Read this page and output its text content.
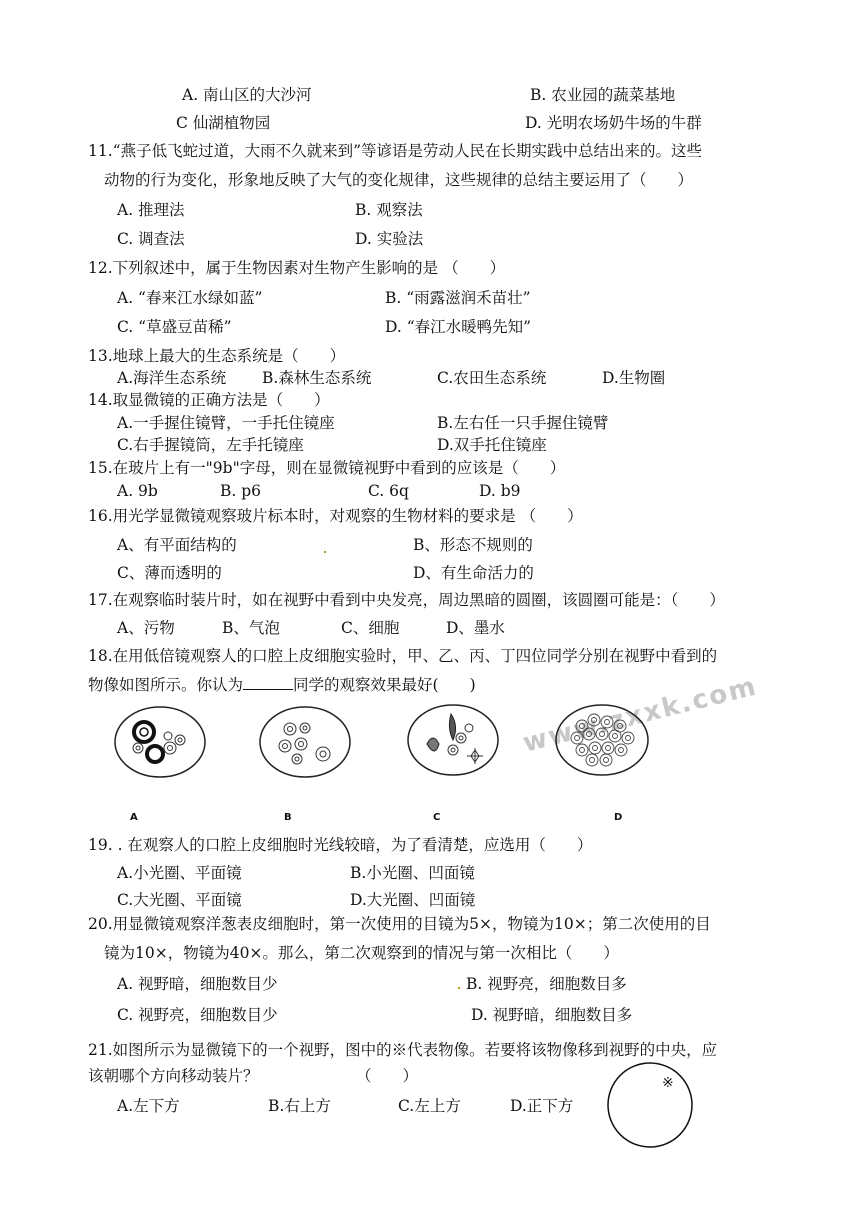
A. 南山区的大沙河	B. 农业园的蔬菜基地
C 仙湖植物园	D. 光明农场奶牛场的牛群
11.“燕子低飞蛇过道，大雨不久就来到”等谚语是劳动人民在长期实践中总结出来的。这些
动物的行为变化，形象地反映了大气的变化规律，这些规律的总结主要运用了（　　）
A. 推理法	B. 观察法
C. 调查法	D. 实验法
12.下列叙述中，属于生物因素对生物产生影响的是 （　　）
A. “春来江水绿如蓝”	B. “雨露滋润禾苗壮”
C. “草盛豆苗稀”	D. “春江水暖鸭先知”
13.地球上最大的生态系统是（　　）
A.海洋生态系统 B.森林生态系统	C.农田生态系统	D.生物圈
14.取显微镜的正确方法是（　　）
A.一手握住镜臂，一手托住镜座	B.左右任一只手握住镜臂
C.右手握镜筒，左手托镜座	D.双手托住镜座
15.在玻片上有一"9b"字母，则在显微镜视野中看到的应该是（　　）
A. 9b	B. p6	C. 6q	D. b9
16.用光学显微镜观察玻片标本时，对观察的生物材料的要求是 （　　）
A、有平面结构的	B、形态不规则的
C、薄而透明的	D、有生命活力的
17.在观察临时装片时，如在视野中看到中央发亮，周边黑暗的圆圈，该圆圈可能是：（　　）
A、污物	B、气泡	C、细胞	D、墨水
18.在用低倍镜观察人的口腔上皮细胞实验时，甲、乙、丙、丁四位同学分别在视野中看到的
物像如图所示。你认为	同学的观察效果最好(　　) www.zxxk.com
A	B	C	D
19. . 在观察人的口腔上皮细胞时光线较暗，为了看清楚，应选用（　　）
A.小光圈、平面镜	B.小光圈、凹面镜
C.大光圈、平面镜	D.大光圈、凹面镜
20.用显微镜观察洋葱表皮细胞时，第一次使用的目镜为5×，物镜为10×；第二次使用的目
镜为10×，物镜为40×。那么，第二次观察到的情况与第一次相比（　　）
A. 视野暗，细胞数目少	B. 视野亮，细胞数目多
C. 视野亮，细胞数目少	D. 视野暗，细胞数目多
21.如图所示为显微镜下的一个视野，图中的※代表物像。若要将该物像移到视野的中央，应
该朝哪个方向移动装片？	（　　）
A.左下方	B.右上方	C.左上方	D.正下方
※
